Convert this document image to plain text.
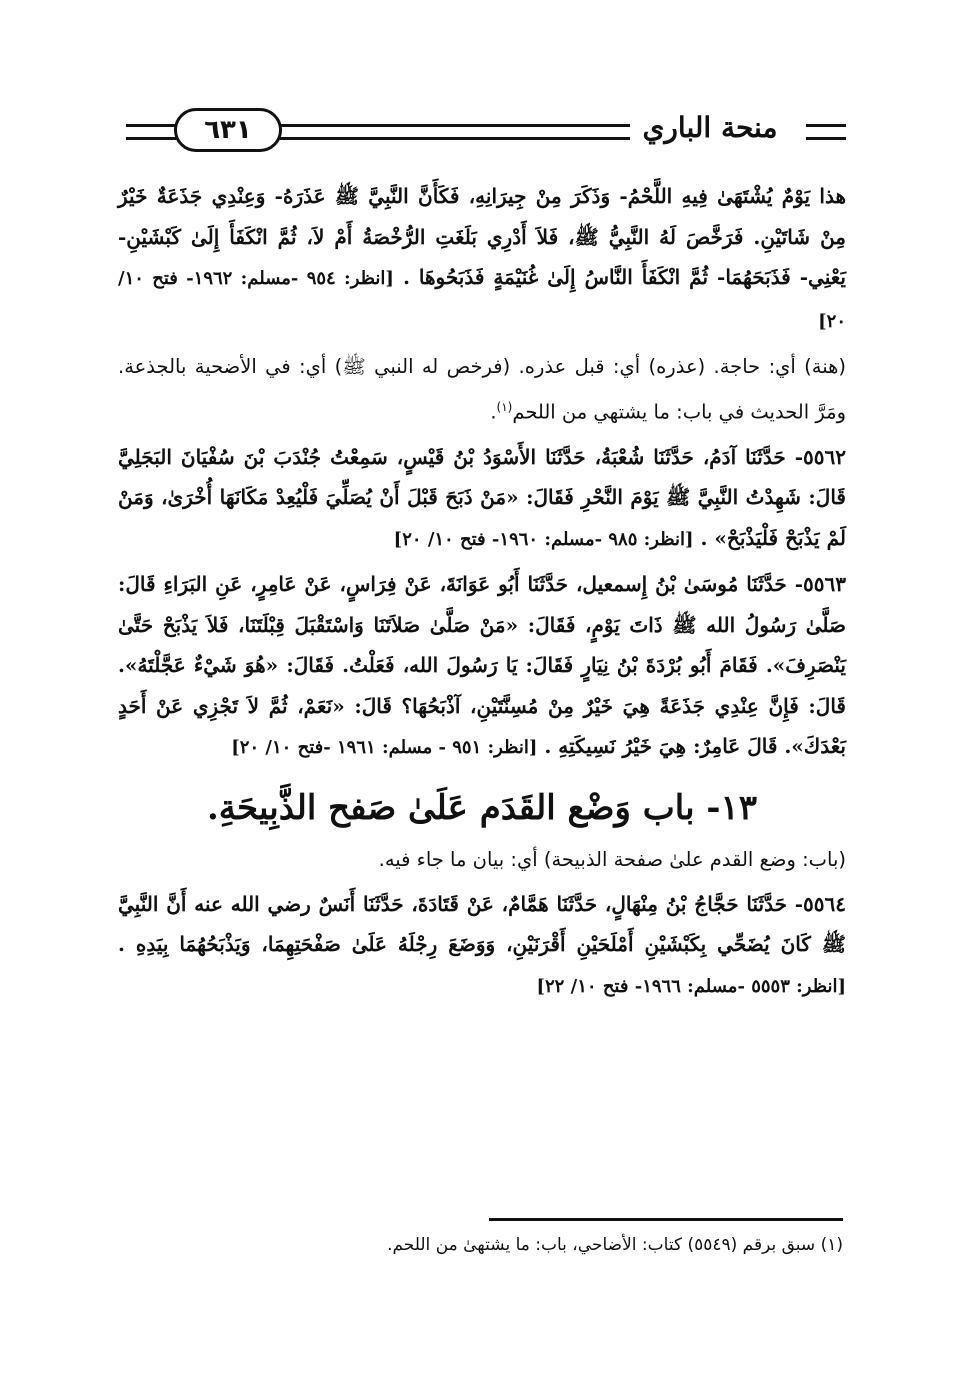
٦٣١	منحة الباري

هذا يَوْمٌ يُشْتَهَىٰ فِيهِ اللَّحْمُ- وَذَكَرَ مِنْ جِيرَانِهِ، فَكَأَنَّ النَّبِيَّ ﷺ عَذَرَهُ- وَعِنْدِي جَذَعَةٌ خَيْرٌ مِنْ شَاتَيْنِ. فَرَخَّصَ لَهُ النَّبِيُّ ﷺ، فَلاَ أَدْرِي بَلَغَتِ الرُّخْصَةُ أَمْ لاَ، ثُمَّ انْكَفَأَ إِلَىٰ كَبْشَيْنِ- يَعْنِي- فَذَبَحَهُمَا- ثُمَّ انْكَفَأَ النَّاسُ إِلَىٰ غُنَيْمَةٍ فَذَبَحُوهَا . [انظر: ٩٥٤ -مسلم: ١٩٦٢- فتح ١٠/ ٢٠]

(هنة) أي: حاجة. (عذره) أي: قبل عذره. (فرخص له النبي ﷺ) أي: في الأضحية بالجذعة. ومَرَّ الحديث في باب: ما يشتهي من اللحم$^{(١)}$.

٥٥٦٢- حَدَّثَنَا آدَمُ، حَدَّثَنَا شُعْبَةُ، حَدَّثَنَا الأَسْوَدُ بْنُ قَيْسٍ، سَمِعْتُ جُنْدَبَ بْنَ سُفْيَانَ البَجَلِيَّ قَالَ: شَهِدْتُ النَّبِيَّ ﷺ يَوْمَ النَّحْرِ فَقَالَ: «مَنْ ذَبَحَ قَبْلَ أَنْ يُصَلِّيَ فَلْيُعِدْ مَكَانَهَا أُخْرَىٰ، وَمَنْ لَمْ يَذْبَحْ فَلْيَذْبَحْ» . [انظر: ٩٨٥ -مسلم: ١٩٦٠- فتح ١٠/ ٢٠]

٥٥٦٣- حَدَّثَنَا مُوسَىٰ بْنُ إِسمعيل، حَدَّثَنَا أَبُو عَوَانَةَ، عَنْ فِرَاسٍ، عَنْ عَامِرٍ، عَنِ البَرَاءِ قَالَ: صَلَّىٰ رَسُولُ الله ﷺ ذَاتَ يَوْمٍ، فَقَالَ: «مَنْ صَلَّىٰ صَلاَتَنَا وَاسْتَقْبَلَ قِبْلَتَنَا، فَلاَ يَذْبَحْ حَتَّىٰ يَنْصَرِفَ». فَقَامَ أَبُو بُرْدَةَ بْنُ نِيَارٍ فَقَالَ: يَا رَسُولَ الله، فَعَلْتُ. فَقَالَ: «هُوَ شَيْءٌ عَجَّلْتَهُ». قَالَ: فَإِنَّ عِنْدِي جَذَعَةً هِيَ خَيْرٌ مِنْ مُسِنَّتَيْنِ، آذْبَحُهَا؟ قَالَ: «نَعَمْ، ثُمَّ لاَ تَجْزِي عَنْ أَحَدٍ بَعْدَكَ». قَالَ عَامِرٌ: هِيَ خَيْرُ نَسِيكَتِهِ . [انظر: ٩٥١ - مسلم: ١٩٦١ -فتح ١٠/ ٢٠]

١٣- باب وَضْع القَدَم عَلَىٰ صَفح الذَّبِيحَةِ.

(باب: وضع القدم علىٰ صفحة الذبيحة) أي: بيان ما جاء فيه.

٥٥٦٤- حَدَّثَنَا حَجَّاجُ بْنُ مِنْهَالٍ، حَدَّثَنَا هَمَّامٌ، عَنْ قَتَادَةَ، حَدَّثَنَا أَنَسٌ رضي الله عنه أَنَّ النَّبِيَّ ﷺ كَانَ يُضَحِّي بِكَبْشَيْنِ أَمْلَحَيْنِ أَقْرَنَيْنِ، وَوَضَعَ رِجْلَهُ عَلَىٰ صَفْحَتِهِمَا، وَيَذْبَحُهُمَا بِيَدِهِ . [انظر: ٥٥٥٣ -مسلم: ١٩٦٦- فتح ١٠/ ٢٢]

(١) سبق برقم (٥٥٤٩) كتاب: الأضاحي، باب: ما يشتهىٰ من اللحم.
